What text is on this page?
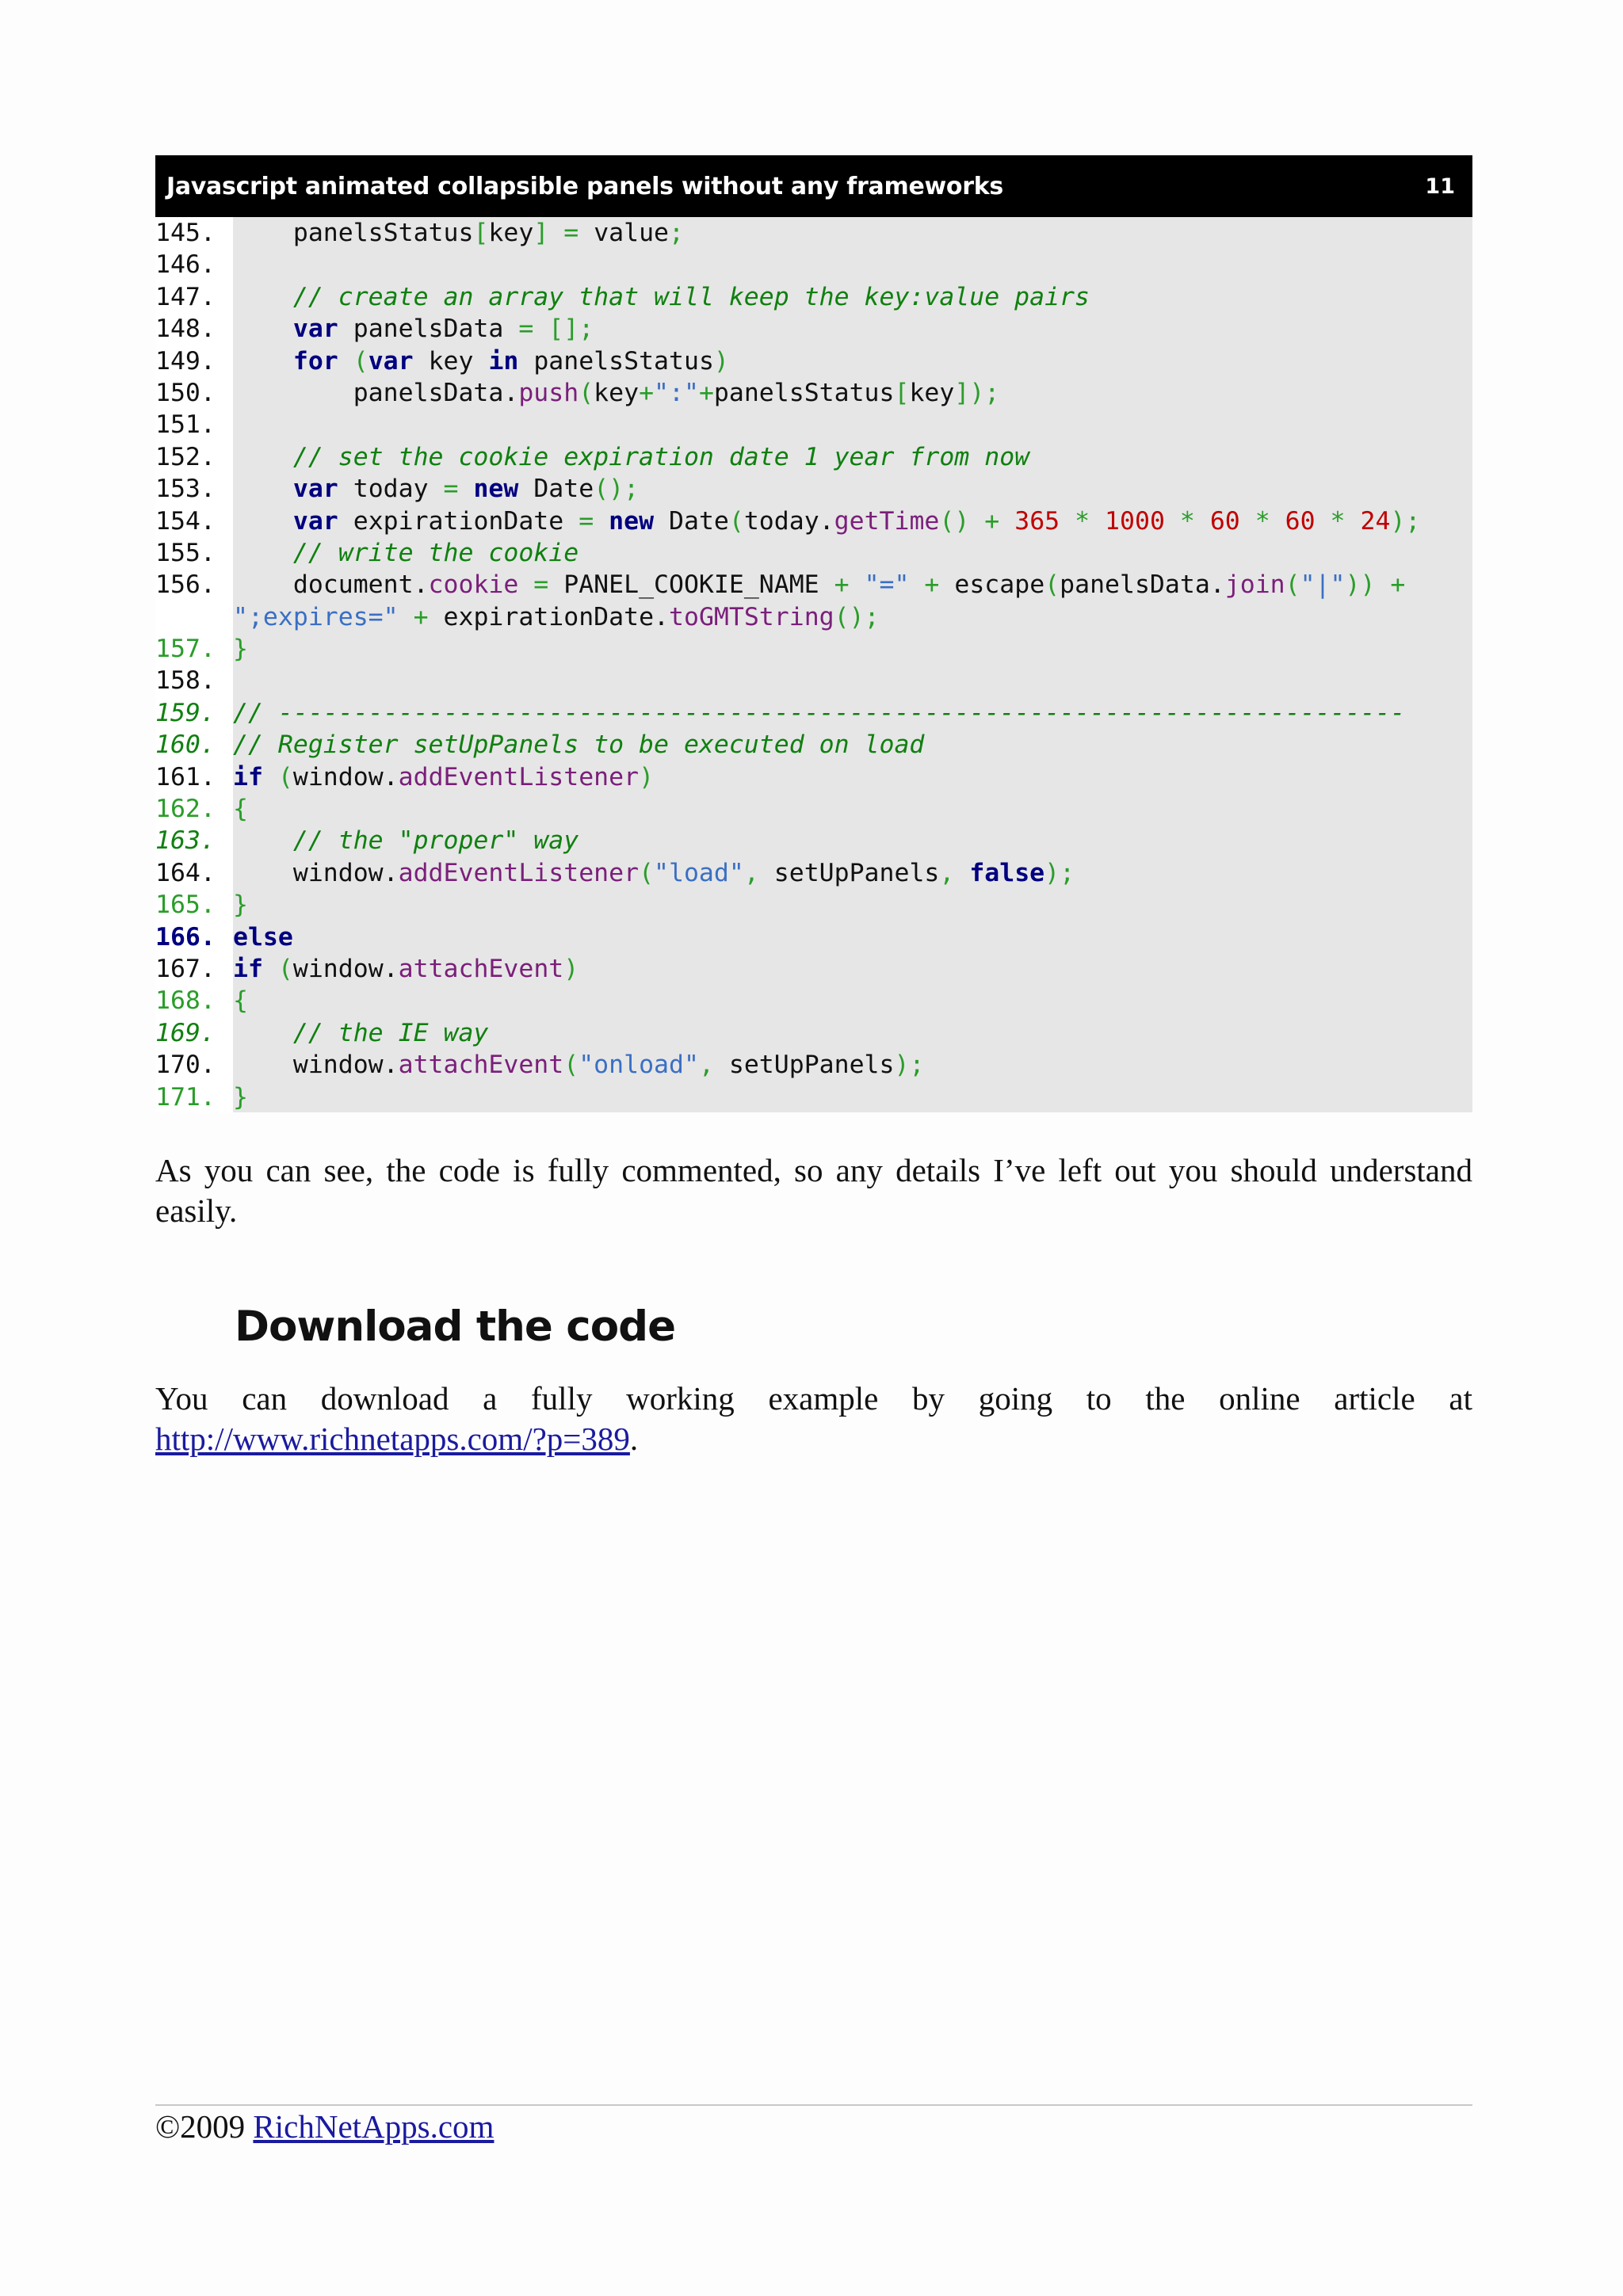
Javascript animated collapsible panels without any frameworks	11
145.    panelsStatus[key] = value;
146.
147.    // create an array that will keep the key:value pairs
148.	var panelsData = [];
149.	for (var key in panelsStatus)
150.        panelsData.push(key+":"+panelsStatus[key]);
151.
152.    // set the cookie expiration date 1 year from now
153.	var today = new Date();
154.	var expirationDate = new Date(today.getTime() + 365 * 1000 * 60 * 60 * 24);
155.    // write the cookie
156.    document.cookie = PANEL_COOKIE_NAME + "=" + escape(panelsData.join("|")) +
";expires=" + expirationDate.toGMTString();
157. }
158.
159. // ---------------------------------------------------------------------------
160. // Register setUpPanels to be executed on load
161. if (window.addEventListener)
162. {
163.    // the "proper" way
164.    window.addEventListener("load", setUpPanels, false);
165. }
166. else
167. if (window.attachEvent)
168. {
169.    // the IE way
170.    window.attachEvent("onload", setUpPanels);
171. }
As you can see, the code is fully commented, so any details I’ve left out you should understand easily.
Download the code
You can download a fully working example by going to the online article at http://www.richnetapps.com/?p=389.
©2009 RichNetApps.com
